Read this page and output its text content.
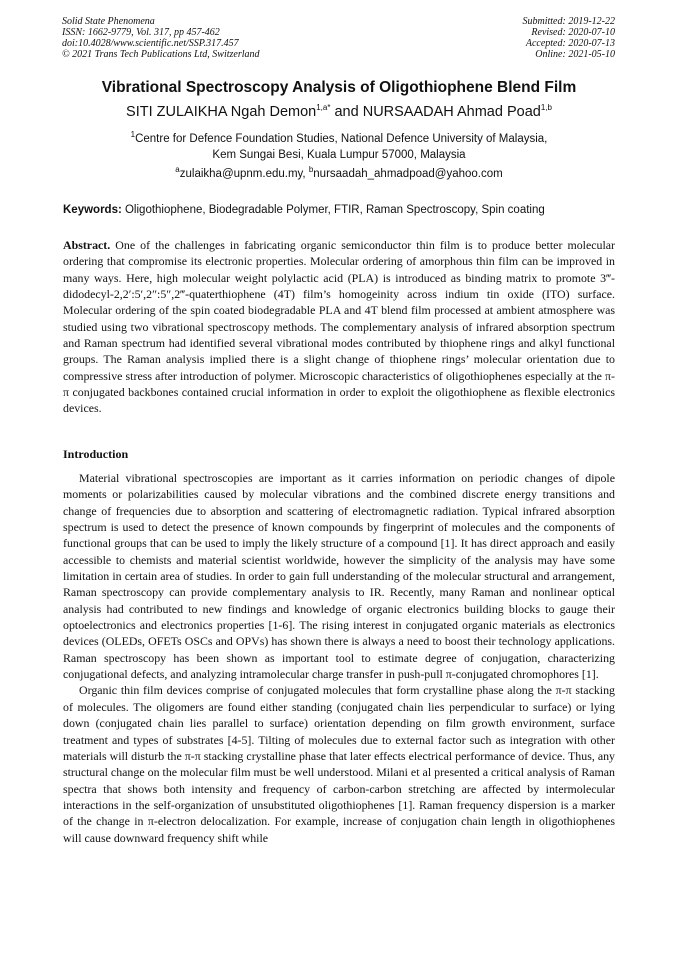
Solid State Phenomena
ISSN: 1662-9779, Vol. 317, pp 457-462
doi:10.4028/www.scientific.net/SSP.317.457
© 2021 Trans Tech Publications Ltd, Switzerland
Submitted: 2019-12-22
Revised: 2020-07-10
Accepted: 2020-07-13
Online: 2021-05-10
Vibrational Spectroscopy Analysis of Oligothiophene Blend Film
SITI ZULAIKHA Ngah Demon$^{1,a*}$ and NURSAADAH Ahmad Poad$^{1,b}$
$^1$Centre for Defence Foundation Studies, National Defence University of Malaysia,
Kem Sungai Besi, Kuala Lumpur 57000, Malaysia
$^a$zulaikha@upnm.edu.my, $^b$nursaadah_ahmadpoad@yahoo.com
Keywords: Oligothiophene, Biodegradable Polymer, FTIR, Raman Spectroscopy, Spin coating

Abstract. One of the challenges in fabricating organic semiconductor thin film is to produce better molecular ordering that compromise its electronic properties. Molecular ordering of amorphous thin film can be improved in many ways. Here, high molecular weight polylactic acid (PLA) is introduced as binding matrix to promote 3‴-didodecyl-2,2′:5′,2″:5″,2‴-quaterthiophene (4T) film’s homogeinity across indium tin oxide (ITO) surface. Molecular ordering of the spin coated biodegradable PLA and 4T blend film processed at ambient atmosphere was studied using two vibrational spectroscopy methods. The complementary analysis of infrared absorption spectrum and Raman spectrum had identified several vibrational modes contributed by thiophene rings and alkyl functional groups. The Raman analysis implied there is a slight change of thiophene rings’ molecular orientation due to compressive stress after introduction of polymer. Microscopic characteristics of oligothiophenes especially at the π-π conjugated backbones contained crucial information in order to exploit the oligothiophene as flexible electronics devices.

Introduction

Material vibrational spectroscopies are important as it carries information on periodic changes of dipole moments or polarizabilities caused by molecular vibrations and the combined discrete energy transitions and change of frequencies due to absorption and scattering of electromagnetic radiation. Typical infrared absorption spectrum is used to detect the presence of known compounds by fingerprint of molecules and the components of functional groups that can be used to imply the likely structure of a compound [1]. It has direct approach and easily accessible to chemists and material scientist worldwide, however the simplicity of the analysis may have some limitation in certain area of studies. In order to gain full understanding of the molecular structural and arrangement, Raman spectroscopy can provide complementary analysis to IR. Recently, many Raman and nonlinear optical analysis had contributed to new findings and knowledge of organic electronics building blocks to gauge their optoelectronics and electronics properties [1-6]. The rising interest in conjugated organic materials as electronics devices (OLEDs, OFETs OSCs and OPVs) has shown there is always a need to boost their technology applications. Raman spectroscopy has been shown as important tool to estimate degree of conjugation, characterizing conjugational defects, and analyzing intramolecular charge transfer in push-pull π-conjugated chromophores [1].

Organic thin film devices comprise of conjugated molecules that form crystalline phase along the π-π stacking of molecules. The oligomers are found either standing (conjugated chain lies perpendicular to surface) or lying down (conjugated chain lies parallel to surface) orientation depending on film growth environment, surface treatment and types of substrates [4-5]. Tilting of molecules due to external factor such as integration with other materials will disturb the π-π stacking crystalline phase that later effects electrical performance of device. Thus, any structural change on the molecular film must be well understood. Milani et al presented a critical analysis of Raman spectra that shows both intensity and frequency of carbon-carbon stretching are affected by intermolecular interactions in the self-organization of unsubstituted oligothiophenes [1]. Raman frequency dispersion is a marker of the change in π-electron delocalization. For example, increase of conjugation chain length in oligothiophenes will cause downward frequency shift while
